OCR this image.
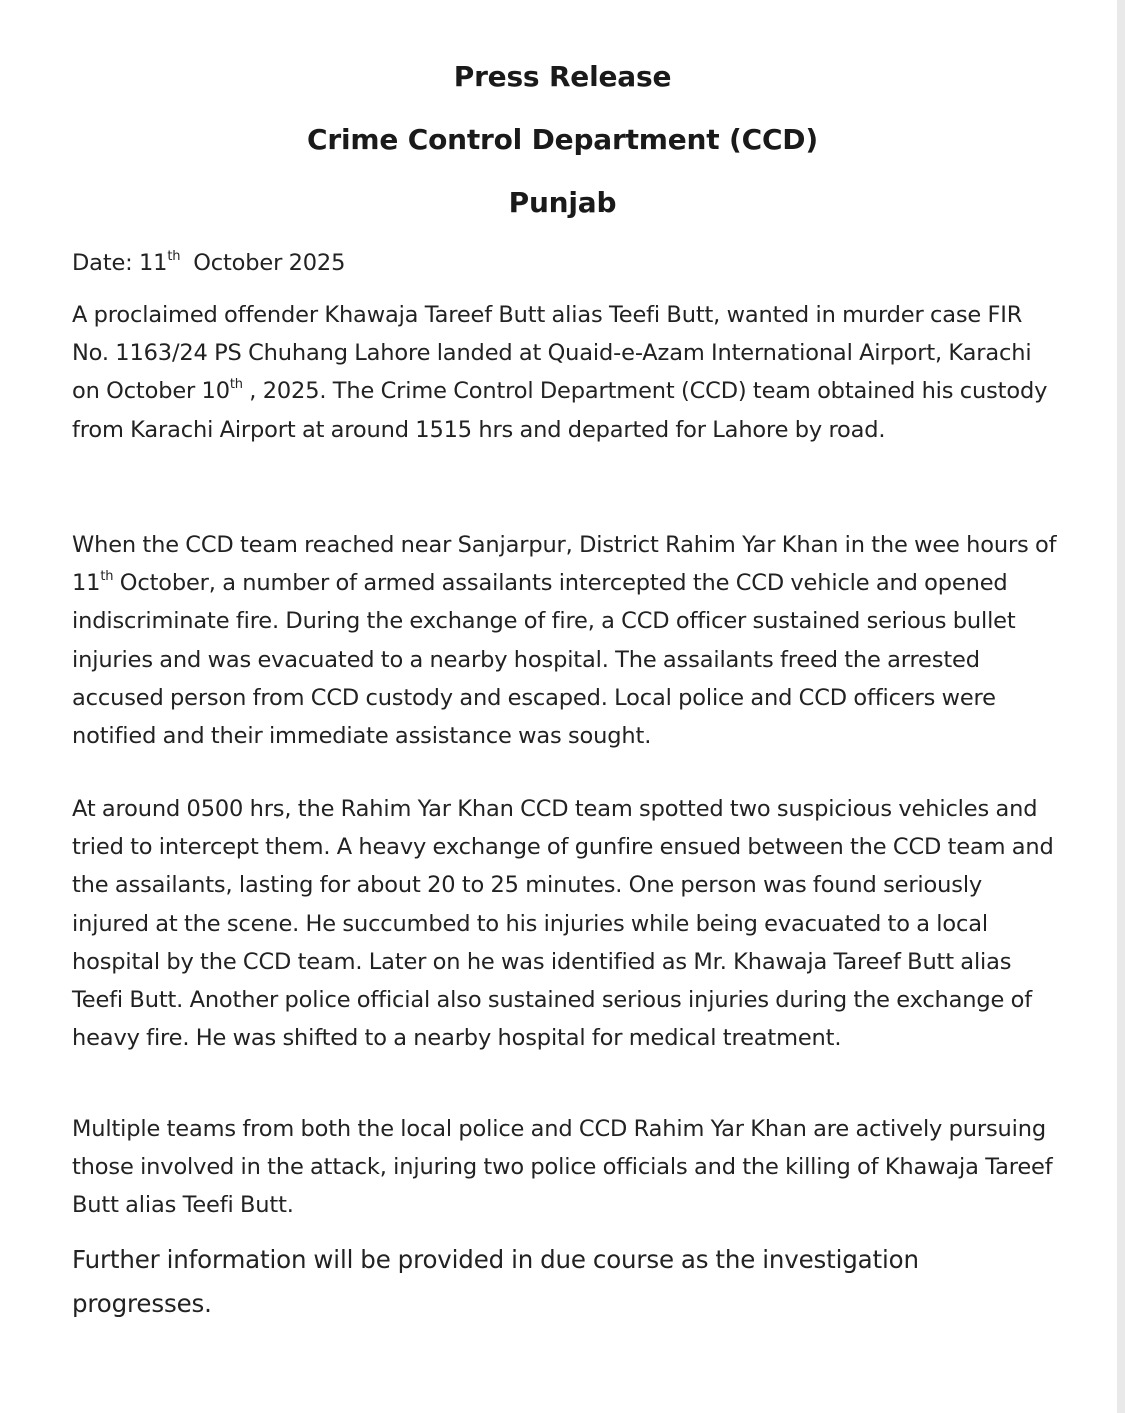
Press Release
Crime Control Department (CCD)
Punjab
Date: 11th October 2025

A proclaimed offender Khawaja Tareef Butt alias Teefi Butt, wanted in murder case FIR No. 1163/24 PS Chuhang Lahore landed at Quaid-e-Azam International Airport, Karachi on October 10th , 2025. The Crime Control Department (CCD) team obtained his custody from Karachi Airport at around 1515 hrs and departed for Lahore by road.

When the CCD team reached near Sanjarpur, District Rahim Yar Khan in the wee hours of 11th October, a number of armed assailants intercepted the CCD vehicle and opened indiscriminate fire. During the exchange of fire, a CCD officer sustained serious bullet injuries and was evacuated to a nearby hospital. The assailants freed the arrested accused person from CCD custody and escaped. Local police and CCD officers were notified and their immediate assistance was sought.

At around 0500 hrs, the Rahim Yar Khan CCD team spotted two suspicious vehicles and tried to intercept them. A heavy exchange of gunfire ensued between the CCD team and the assailants, lasting for about 20 to 25 minutes. One person was found seriously injured at the scene. He succumbed to his injuries while being evacuated to a local hospital by the CCD team. Later on he was identified as Mr. Khawaja Tareef Butt alias Teefi Butt. Another police official also sustained serious injuries during the exchange of heavy fire. He was shifted to a nearby hospital for medical treatment.

Multiple teams from both the local police and CCD Rahim Yar Khan are actively pursuing those involved in the attack, injuring two police officials and the killing of Khawaja Tareef Butt alias Teefi Butt.

Further information will be provided in due course as the investigation progresses.
